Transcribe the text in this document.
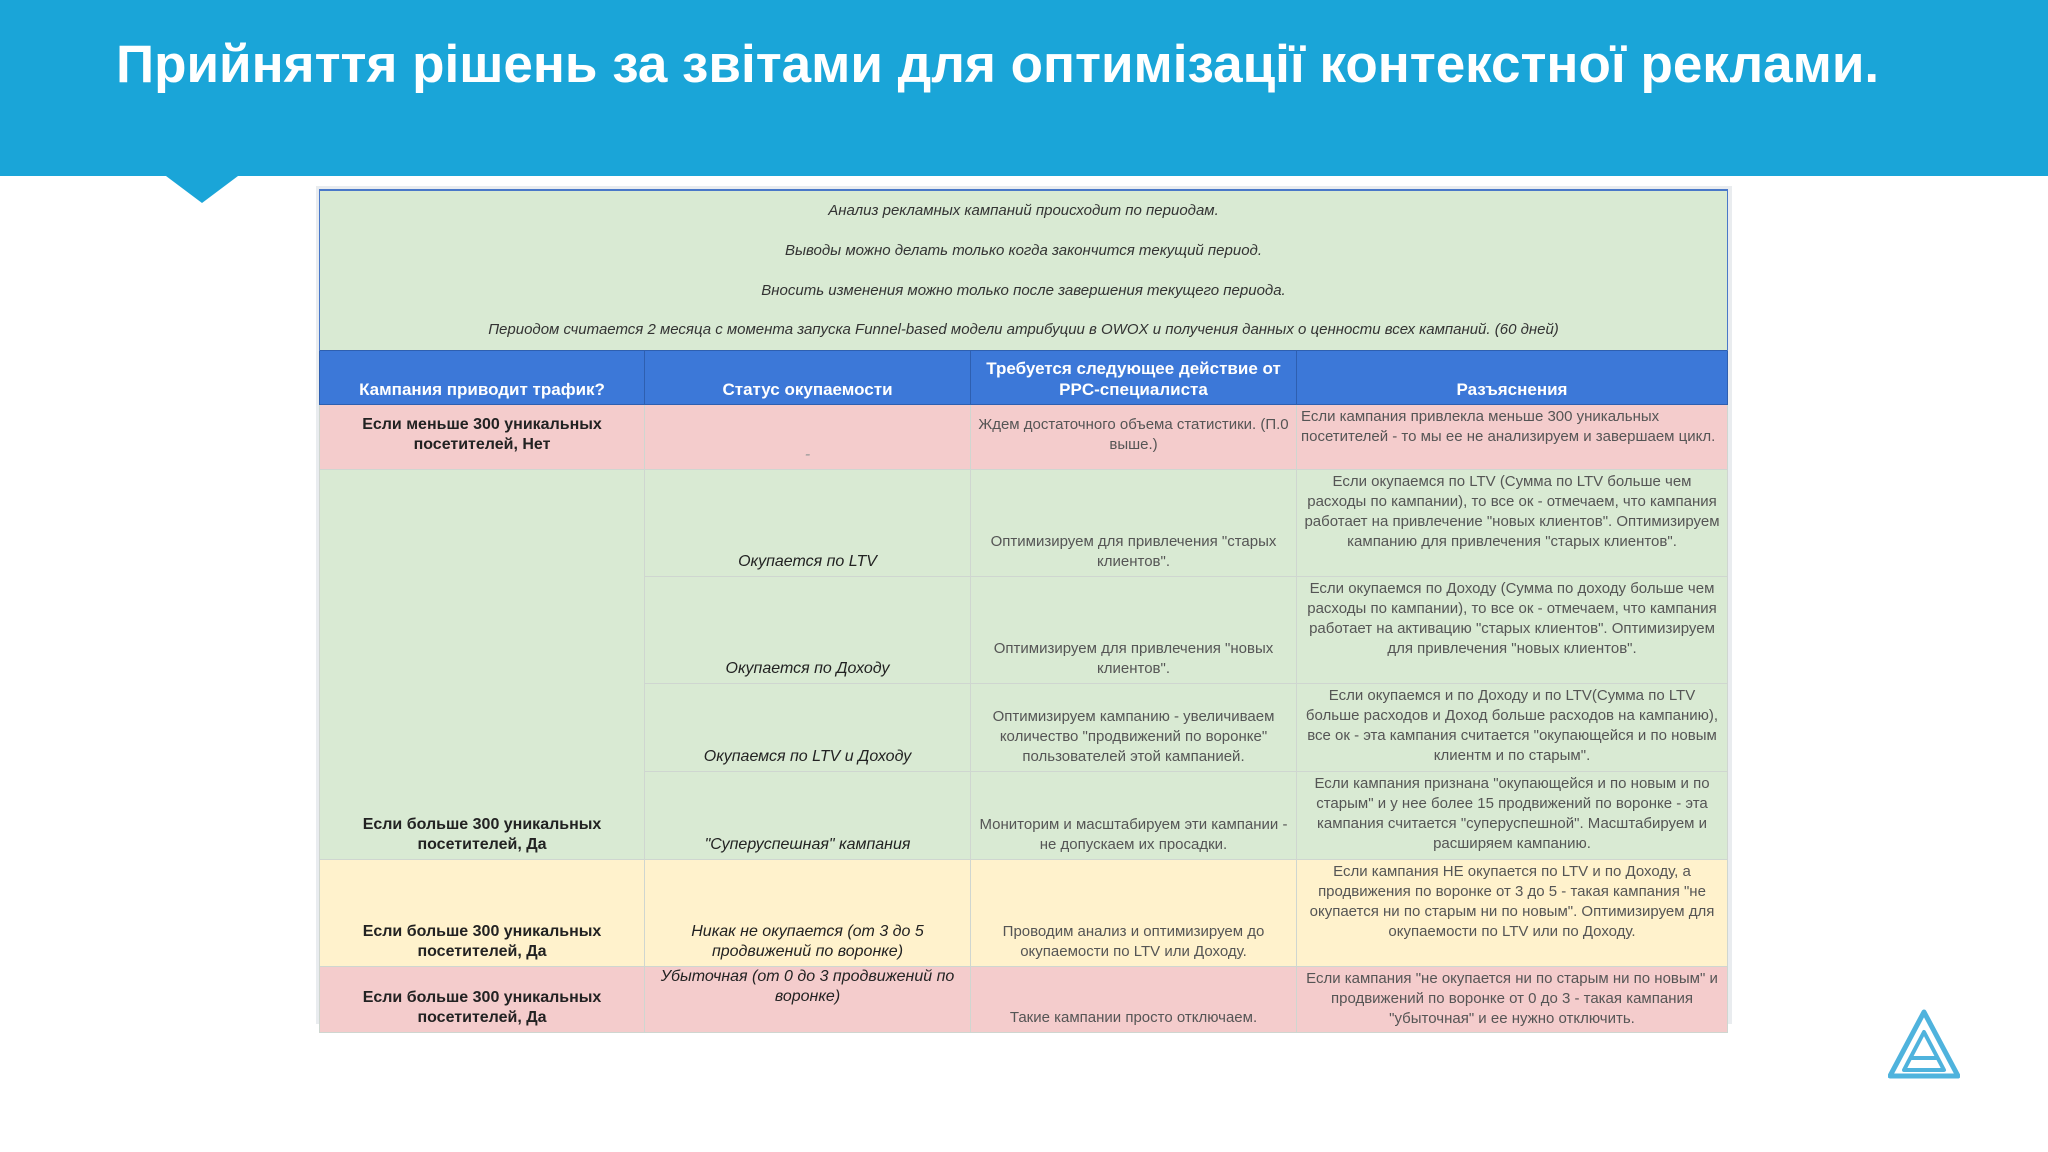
Прийняття рішень за звітами для оптимізації контекстної реклами.
Анализ рекламных кампаний происходит по периодам.			
Выводы можно делать только когда закончится текущий период.			
Вносить изменения можно только после завершения текущего периода.			
Периодом считается 2 месяца с момента запуска Funnel-based модели атрибуции в OWOX и получения данных о ценности всех кампаний. (60 дней)			
Кампания приводит трафик?	Статус окупаемости	Требуется следующее действие от PPC-специалиста	Разъяснения
Если меньше 300 уникальных посетителей, Нет	-	Ждем достаточного объема статистики. (П.0 выше.)	Если кампания привлекла меньше 300 уникальных посетителей - то мы ее не анализируем и завершаем цикл.
Если больше 300 уникальных посетителей, Да	Окупается по LTV	Оптимизируем для привлечения "старых клиентов".	Если окупаемся по LTV (Сумма по LTV больше чем расходы по кампании), то все ок - отмечаем, что кампания работает на привлечение "новых клиентов". Оптимизируем кампанию для привлечения "старых клиентов".
	Окупается по Доходу	Оптимизируем для привлечения "новых клиентов".	Если окупаемся по Доходу (Сумма по доходу больше чем расходы по кампании), то все ок - отмечаем, что кампания работает на активацию "старых клиентов". Оптимизируем для привлечения "новых клиентов".
	Окупаемся по LTV и Доходу	Оптимизируем кампанию - увеличиваем количество "продвижений по воронке" пользователей этой кампанией.	Если окупаемся и по Доходу и по LTV(Сумма по LTV больше расходов и Доход больше расходов на кампанию), все ок - эта кампания считается "окупающейся и по новым клиентм и по старым".
	"Суперуспешная" кампания	Мониторим и масштабируем эти кампании - не допускаем их просадки.	Если кампания признана "окупающейся и по новым и по старым" и у нее более 15 продвижений по воронке - эта кампания считается "суперуспешной". Масштабируем и расширяем кампанию.
Если больше 300 уникальных посетителей, Да	Никак не окупается (от 3 до 5 продвижений по воронке)	Проводим анализ и оптимизируем до окупаемости по LTV или Доходу.	Если кампания НЕ окупается по LTV и по Доходу, а продвижения по воронке от 3 до 5 - такая кампания "не окупается ни по старым ни по новым". Оптимизируем для окупаемости по LTV или по Доходу.
Если больше 300 уникальных посетителей, Да	Убыточная (от 0 до 3 продвижений по воронке)	Такие кампании просто отключаем.	Если кампания "не окупается ни по старым ни по новым" и продвижений по воронке от 0 до 3 - такая кампания "убыточная" и ее нужно отключить.
